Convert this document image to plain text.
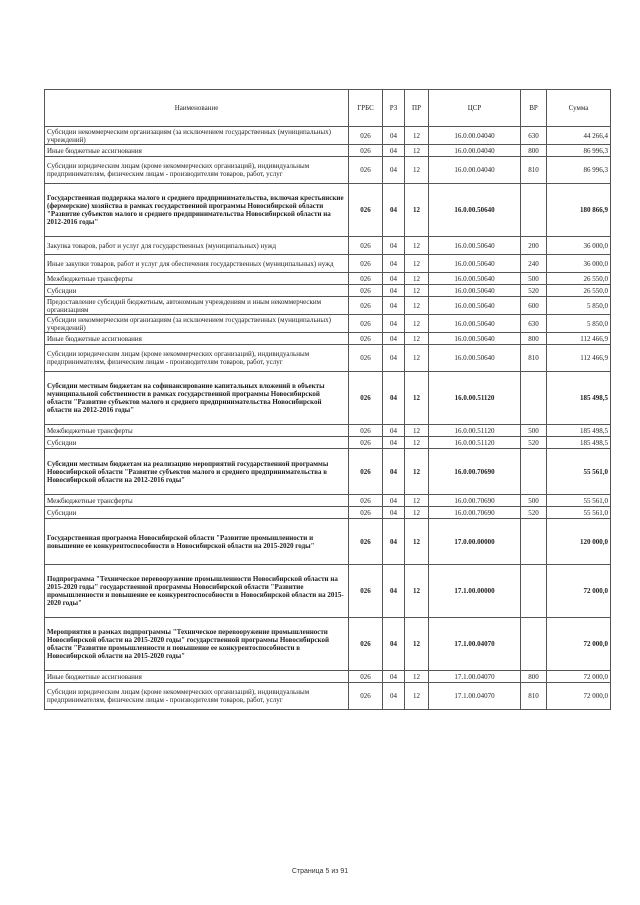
Наименование	ГРБС	РЗ	ПР	ЦСР	ВР	Сумма
Субсидии некоммерческим организациям (за исключением государственных (муниципальных) учреждений)	026	04	12	16.0.00.04040	630	44 266,4
Иные бюджетные ассигнования	026	04	12	16.0.00.04040	800	86 996,3
Субсидии юридическим лицам (кроме некоммерческих организаций), индивидуальным предпринимателям, физическим лицам - производителям товаров, работ, услуг	026	04	12	16.0.00.04040	810	86 996,3
Государственная поддержка малого и среднего предпринимательства, включая крестьянские (фермерские) хозяйства в рамках государственной программы Новосибирской области "Развитие субъектов малого и среднего предпринимательства Новосибирской области на 2012-2016 годы"	026	04	12	16.0.00.50640		180 866,9
Закупка товаров, работ и услуг для государственных (муниципальных) нужд	026	04	12	16.0.00.50640	200	36 000,0
Иные закупки товаров, работ и услуг для обеспечения государственных (муниципальных) нужд	026	04	12	16.0.00.50640	240	36 000,0
Межбюджетные трансферты	026	04	12	16.0.00.50640	500	26 550,0
Субсидии	026	04	12	16.0.00.50640	520	26 550,0
Предоставление субсидий бюджетным, автономным учреждениям и иным некоммерческим организациям	026	04	12	16.0.00.50640	600	5 850,0
Субсидии некоммерческим организациям (за исключением государственных (муниципальных) учреждений)	026	04	12	16.0.00.50640	630	5 850,0
Иные бюджетные ассигнования	026	04	12	16.0.00.50640	800	112 466,9
Субсидии юридическим лицам (кроме некоммерческих организаций), индивидуальным предпринимателям, физическим лицам - производителям товаров, работ, услуг	026	04	12	16.0.00.50640	810	112 466,9
Субсидии местным бюджетам на софинансирование капитальных вложений в объекты муниципальной собственности в рамках государственной программы Новосибирской области "Развитие субъектов малого и среднего предпринимательства Новосибирской области на 2012-2016 годы"	026	04	12	16.0.00.51120		185 498,5
Межбюджетные трансферты	026	04	12	16.0.00.51120	500	185 498,5
Субсидии	026	04	12	16.0.00.51120	520	185 498,5
Субсидии местным бюджетам на реализацию мероприятий государственной программы Новосибирской области "Развитие субъектов малого и среднего предпринимательства в Новосибирской области на 2012-2016 годы"	026	04	12	16.0.00.70690		55 561,0
Межбюджетные трансферты	026	04	12	16.0.00.70690	500	55 561,0
Субсидии	026	04	12	16.0.00.70690	520	55 561,0
Государственная программа Новосибирской области "Развитие промышленности и повышение ее конкурентоспособности в Новосибирской области на 2015-2020 годы"	026	04	12	17.0.00.00000		120 000,0
Подпрограмма "Техническое перевооружение промышленности Новосибирской области на 2015-2020 годы" государственной программы Новосибирской области "Развитие промышленности и повышение ее конкурентоспособности в Новосибирской области на 2015-2020 годы"	026	04	12	17.1.00.00000		72 000,0
Мероприятия в рамках подпрограммы "Техническое перевооружение промышленности Новосибирской области на 2015-2020 годы" государственной программы Новосибирской области "Развитие промышленности и повышение ее конкурентоспособности в Новосибирской области на 2015-2020 годы"	026	04	12	17.1.00.04070		72 000,0
Иные бюджетные ассигнования	026	04	12	17.1.00.04070	800	72 000,0
Субсидии юридическим лицам (кроме некоммерческих организаций), индивидуальным предпринимателям, физическим лицам - производителям товаров, работ, услуг	026	04	12	17.1.00.04070	810	72 000,0
Страница 5 из 91
